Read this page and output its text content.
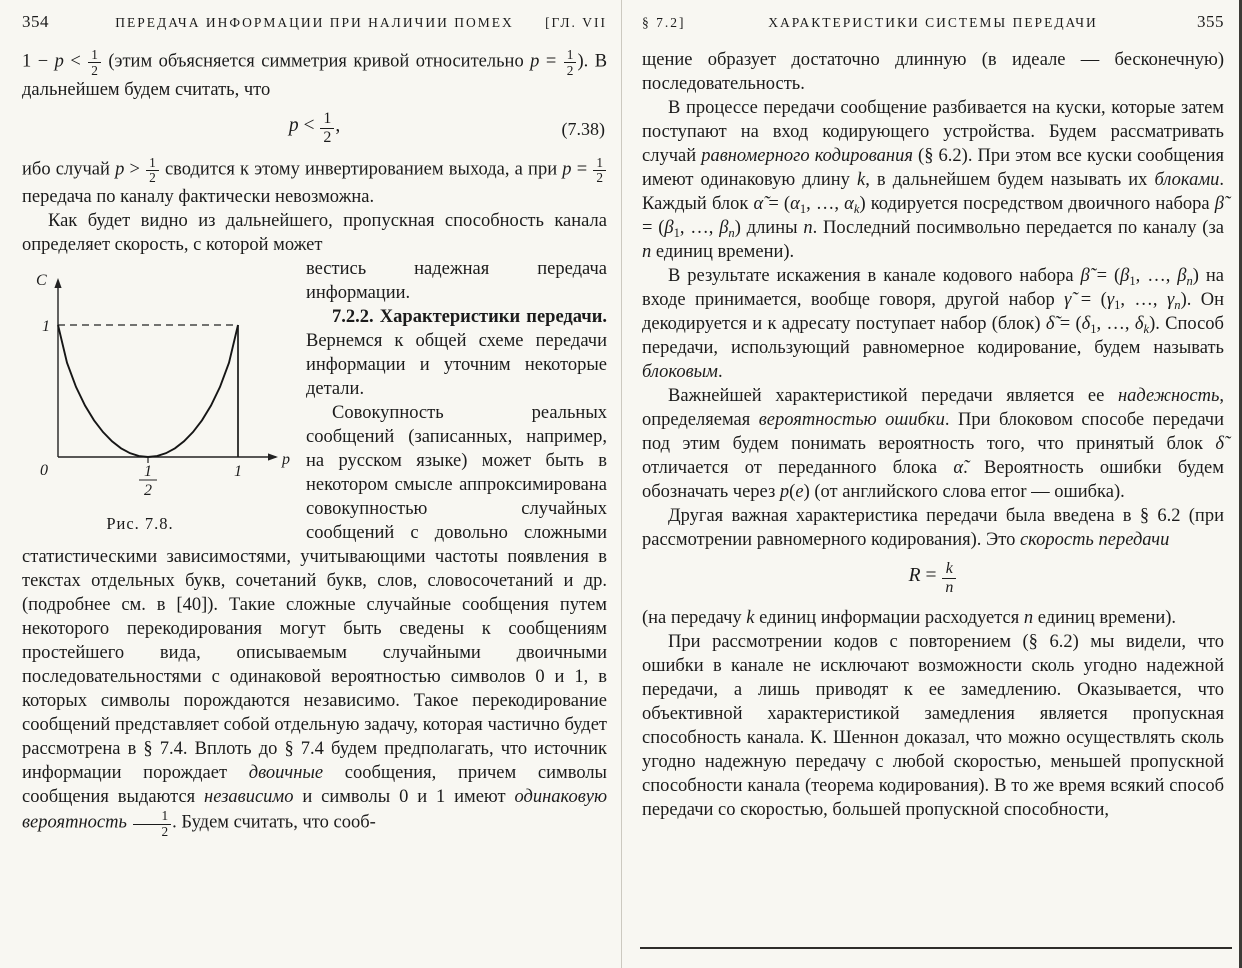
354	ПЕРЕДАЧА ИНФОРМАЦИИ ПРИ НАЛИЧИИ ПОМЕХ	[ГЛ. VII

$1 - p < \frac{1}{2}$ (этим объясняется симметрия кривой относительно $p = \frac{1}{2}$ ). В дальнейшем будем считать, что

$p < \frac{1}{2}$ ,	(7.38)

ибо случай $p > \frac{1}{2}$ сводится к этому инвертированием выхода, а при $p = \frac{1}{2}$
передача по каналу фактически невозможна.

Как будет видно из дальнейшего, пропускная способность канала определяет скорость, с которой может

C
1
0	1
p
1
2
Рис. 7.8.

вестись надежная передача информации.

7.2.2. Характеристики передачи. Вернемся к общей схеме передачи информации и уточним некоторые детали.

Совокупность реальных сообщений (записанных, например, на русском языке) может быть в некотором смысле аппроксимирована совокупностью случайных сообщений с довольно сложными статистическими зависимостями, учитывающими частоты появления в текстах отдельных букв, сочетаний букв, слов, словосочетаний и др. (подробнее см. в [40]). Такие сложные случайные сообщения путем некоторого перекодирования могут быть сведены к сообщениям простейшего вида, описываемым случайными двоичными последовательностями с одинаковой вероятностью символов 0 и 1, в которых символы порождаются независимо. Такое перекодирование сообщений представляет собой отдельную задачу, которая частично будет рассмотрена в § 7.4. Вплоть до § 7.4 будем предполагать, что источник информации порождает двоичные сообщения, причем символы сообщения выдаются независимо и символы 0 и 1 имеют одинаковую вероятность $\frac{1}{2}$ . Будем считать, что сооб-

§ 7.2]	ХАРАКТЕРИСТИКИ СИСТЕМЫ ПЕРЕДАЧИ	355

щение образует достаточно длинную (в идеале — бесконечную) последовательность.

В процессе передачи сообщение разбивается на куски, которые затем поступают на вход кодирующего устройства. Будем рассматривать случай равномерного кодирования (§ 6.2). При этом все куски сообщения имеют одинаковую длину k, в дальнейшем будем называть их блоками. Каждый блок α̃ = ($\alpha_1$, …, $\alpha_k$) кодируется посредством двоичного набора β̃ = ($\beta_1$, …, $\beta_n$) длины n. Последний посимвольно передается по каналу (за n единиц времени).

В результате искажения в канале кодового набора β̃ = ($\beta_1$, …, $\beta_n$) на входе принимается, вообще говоря, другой набор γ̃ = ($\gamma_1$, …, $\gamma_n$). Он декодируется и к адресату поступает набор (блок) δ̃ = ($\delta_1$, …, $\delta_k$). Способ передачи, использующий равномерное кодирование, будем называть блоковым.

Важнейшей характеристикой передачи является ее надежность, определяемая вероятностью ошибки. При блоковом способе передачи под этим будем понимать вероятность того, что принятый блок δ̃ отличается от переданного блока α̃. Вероятность ошибки будем обозначать через p(e) (от английского слова error — ошибка).

Другая важная характеристика передачи была введена в § 6.2 (при рассмотрении равномерного кодирования). Это скорость передачи

$R = \frac{k}{n}$

(на передачу k единиц информации расходуется n единиц времени).

При рассмотрении кодов с повторением (§ 6.2) мы видели, что ошибки в канале не исключают возможности сколь угодно надежной передачи, а лишь приводят к ее замедлению. Оказывается, что объективной характеристикой замедления является пропускная способность канала. К. Шеннон доказал, что можно осуществлять сколь угодно надежную передачу с любой скоростью, меньшей пропускной способности канала (теорема кодирования). В то же время всякий способ передачи со скоростью, большей пропускной способности,
